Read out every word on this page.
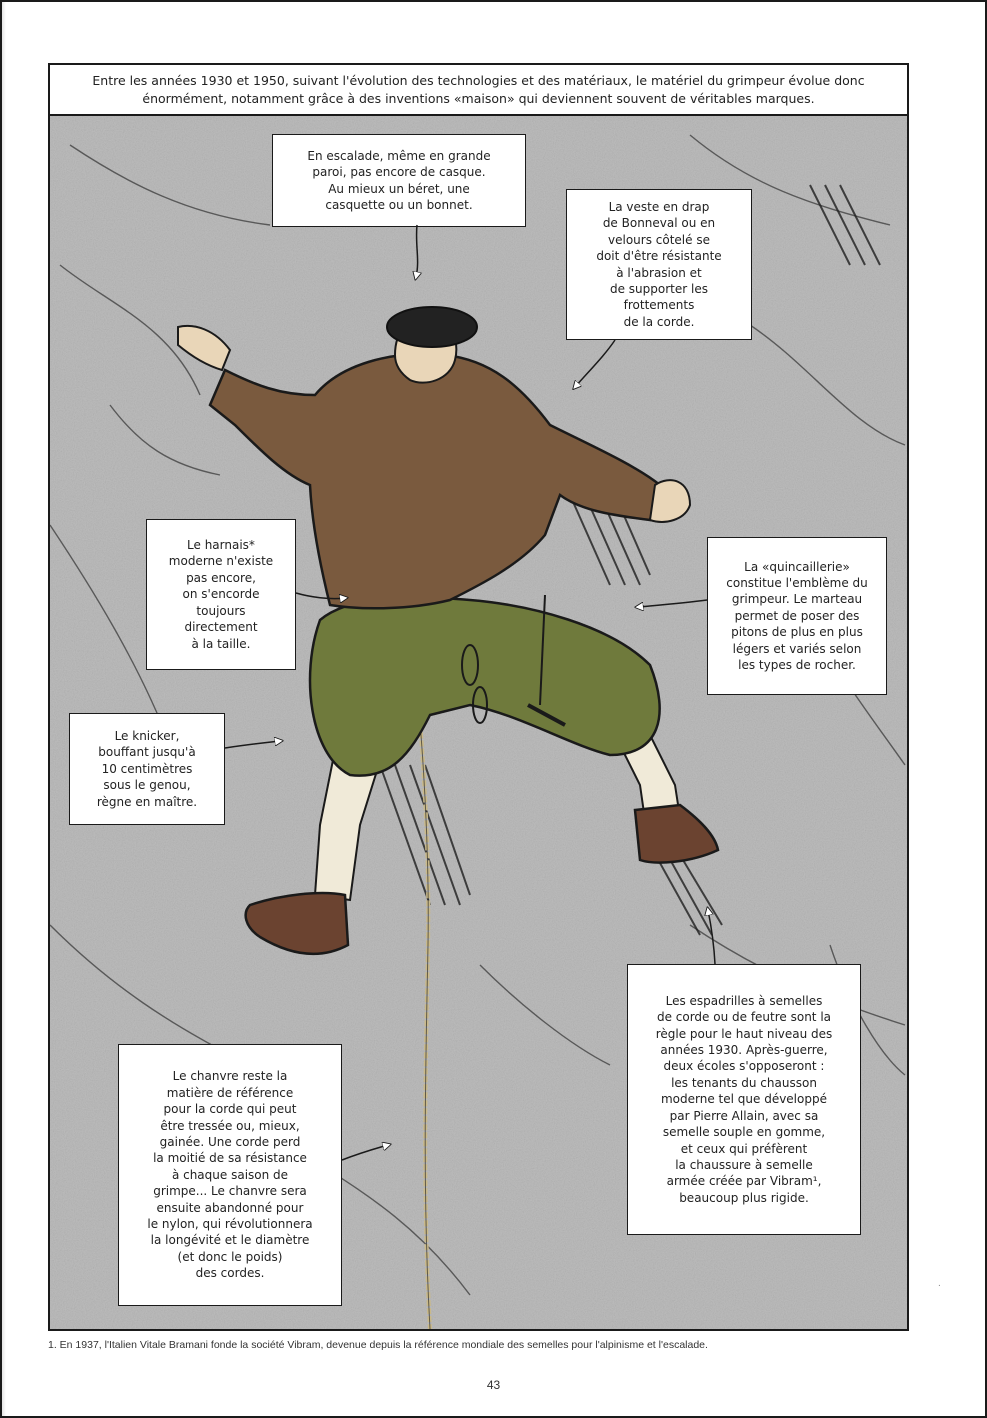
Entre les années 1930 et 1950, suivant l'évolution des technologies et des matériaux, le matériel du grimpeur évolue donc énormément, notamment grâce à des inventions «maison» qui deviennent souvent de véritables marques.
En escalade, même en grande
paroi, pas encore de casque.
Au mieux un béret, une
casquette ou un bonnet.	La veste en drap
de Bonneval ou en
velours côtelé se
doit d'être résistante
à l'abrasion et
de supporter les
frottements
de la corde.
Le harnais*
moderne n'existe
pas encore,
on s'encorde
toujours
directement
à la taille.
La «quincaillerie»
constitue l'emblème du
grimpeur. Le marteau
permet de poser des
pitons de plus en plus
légers et variés selon
les types de rocher.
Le knicker,
bouffant jusqu'à
10 centimètres
sous le genou,
règne en maître.
Les espadrilles à semelles
de corde ou de feutre sont la
règle pour le haut niveau des
années 1930. Après-guerre,
deux écoles s'opposeront :
les tenants du chausson
moderne tel que développé
par Pierre Allain, avec sa
semelle souple en gomme,
et ceux qui préfèrent
la chaussure à semelle
armée créée par Vibram¹,
beaucoup plus rigide.
Le chanvre reste la
matière de référence
pour la corde qui peut
être tressée ou, mieux,
gainée. Une corde perd
la moitié de sa résistance
à chaque saison de
grimpe... Le chanvre sera
ensuite abandonné pour
le nylon, qui révolutionnera
la longévité et le diamètre
(et donc le poids)
des cordes.
1. En 1937, l'Italien Vitale Bramani fonde la société Vibram, devenue depuis la référence mondiale des semelles pour l'alpinisme et l'escalade.
43
.
